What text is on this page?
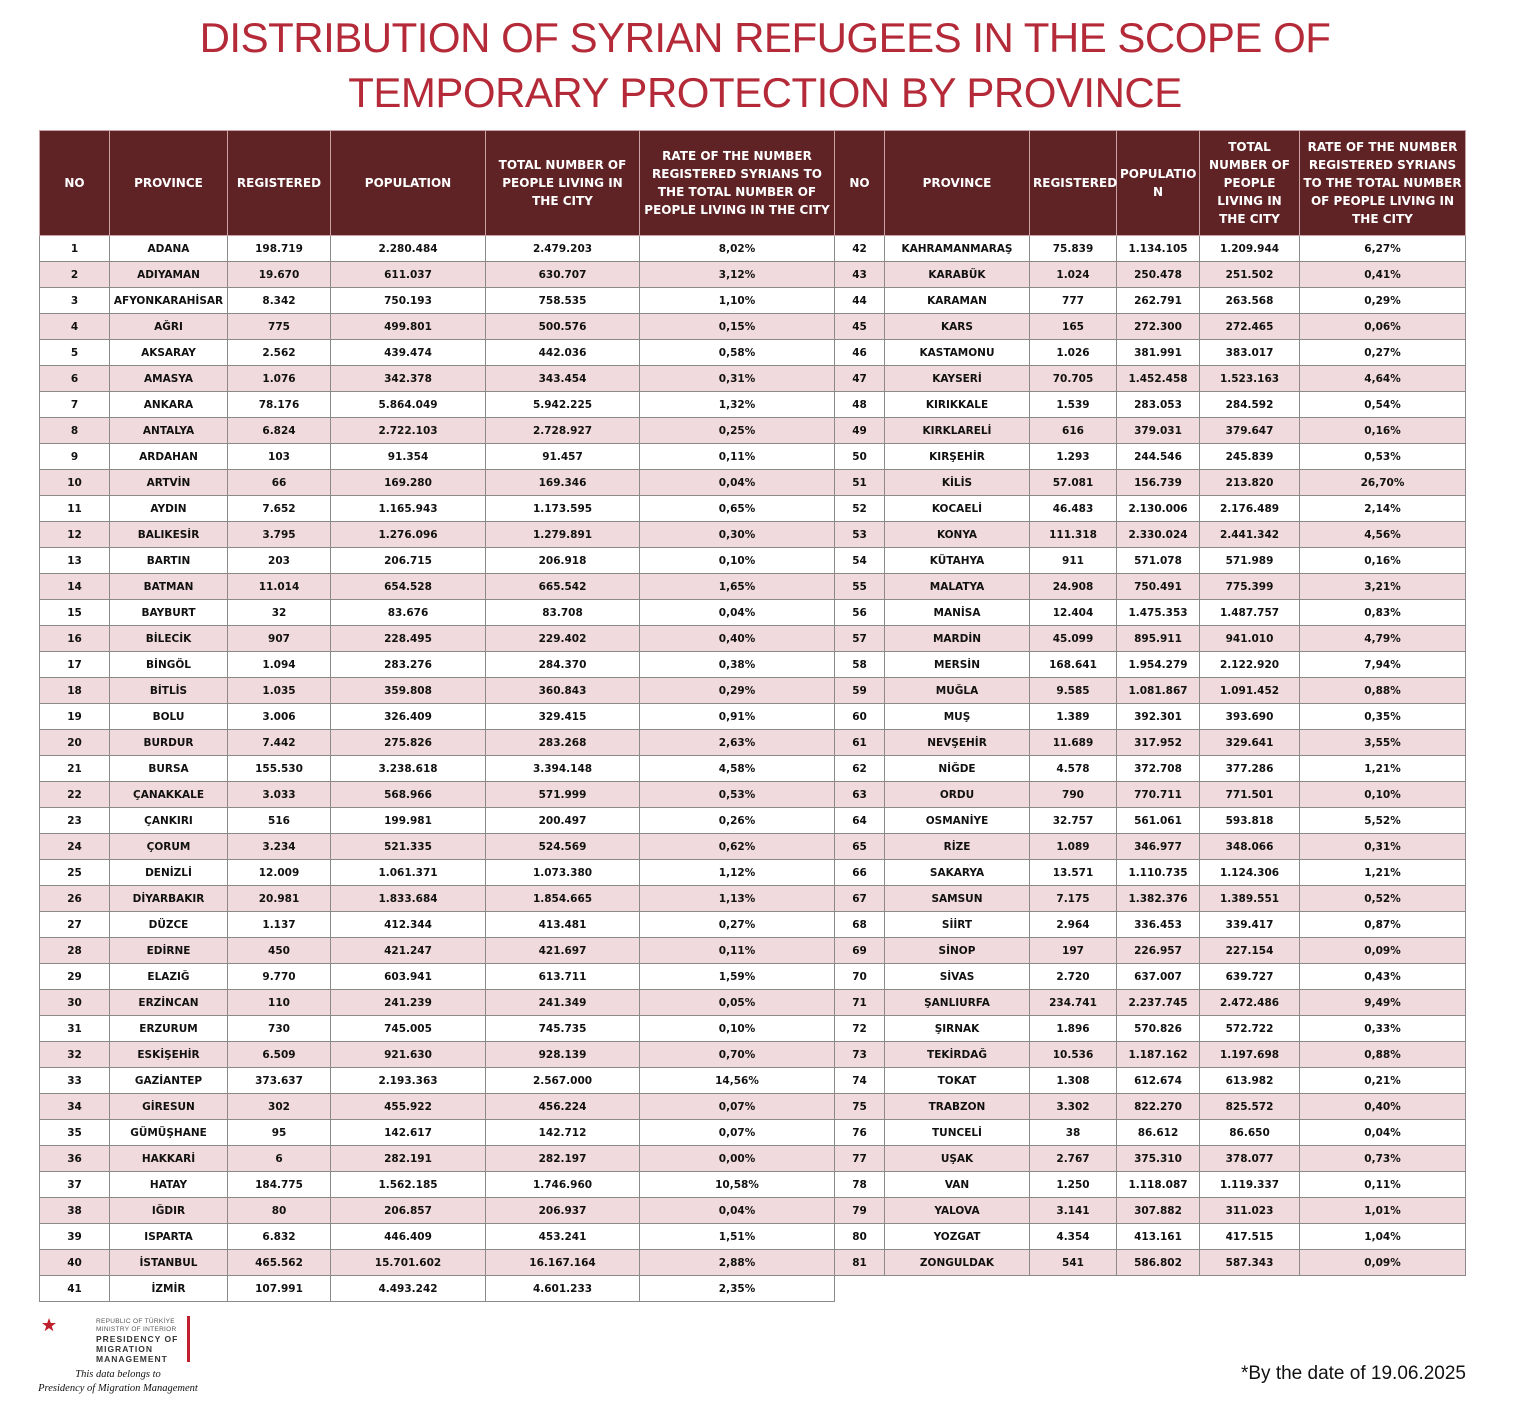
DISTRIBUTION OF SYRIAN REFUGEES IN THE SCOPE OF
TEMPORARY PROTECTION BY PROVINCE
NO	PROVINCE	REGISTERED	POPULATION	TOTAL NUMBER OF PEOPLE LIVING IN THE CITY	RATE OF THE NUMBER REGISTERED SYRIANS TO THE TOTAL NUMBER OF PEOPLE LIVING IN THE CITY
1	ADANA	198.719	2.280.484	2.479.203	8,02%
2	ADIYAMAN	19.670	611.037	630.707	3,12%
3	AFYONKARAHİSAR	8.342	750.193	758.535	1,10%
4	AĞRI	775	499.801	500.576	0,15%
5	AKSARAY	2.562	439.474	442.036	0,58%
6	AMASYA	1.076	342.378	343.454	0,31%
7	ANKARA	78.176	5.864.049	5.942.225	1,32%
8	ANTALYA	6.824	2.722.103	2.728.927	0,25%
9	ARDAHAN	103	91.354	91.457	0,11%
10	ARTVİN	66	169.280	169.346	0,04%
11	AYDIN	7.652	1.165.943	1.173.595	0,65%
12	BALIKESİR	3.795	1.276.096	1.279.891	0,30%
13	BARTIN	203	206.715	206.918	0,10%
14	BATMAN	11.014	654.528	665.542	1,65%
15	BAYBURT	32	83.676	83.708	0,04%
16	BİLECİK	907	228.495	229.402	0,40%
17	BİNGÖL	1.094	283.276	284.370	0,38%
18	BİTLİS	1.035	359.808	360.843	0,29%
19	BOLU	3.006	326.409	329.415	0,91%
20	BURDUR	7.442	275.826	283.268	2,63%
21	BURSA	155.530	3.238.618	3.394.148	4,58%
22	ÇANAKKALE	3.033	568.966	571.999	0,53%
23	ÇANKIRI	516	199.981	200.497	0,26%
24	ÇORUM	3.234	521.335	524.569	0,62%
25	DENİZLİ	12.009	1.061.371	1.073.380	1,12%
26	DİYARBAKIR	20.981	1.833.684	1.854.665	1,13%
27	DÜZCE	1.137	412.344	413.481	0,27%
28	EDİRNE	450	421.247	421.697	0,11%
29	ELAZIĞ	9.770	603.941	613.711	1,59%
30	ERZİNCAN	110	241.239	241.349	0,05%
31	ERZURUM	730	745.005	745.735	0,10%
32	ESKİŞEHİR	6.509	921.630	928.139	0,70%
33	GAZİANTEP	373.637	2.193.363	2.567.000	14,56%
34	GİRESUN	302	455.922	456.224	0,07%
35	GÜMÜŞHANE	95	142.617	142.712	0,07%
36	HAKKARİ	6	282.191	282.197	0,00%
37	HATAY	184.775	1.562.185	1.746.960	10,58%
38	IĞDIR	80	206.857	206.937	0,04%
39	ISPARTA	6.832	446.409	453.241	1,51%
40	İSTANBUL	465.562	15.701.602	16.167.164	2,88%
41	İZMİR	107.991	4.493.242	4.601.233	2,35%
NO	PROVINCE	REGISTERED	POPULATIO N	TOTAL NUMBER OF PEOPLE LIVING IN THE CITY	RATE OF THE NUMBER REGISTERED SYRIANS TO THE TOTAL NUMBER OF PEOPLE LIVING IN THE CITY
42	KAHRAMANMARAŞ	75.839	1.134.105	1.209.944	6,27%
43	KARABÜK	1.024	250.478	251.502	0,41%
44	KARAMAN	777	262.791	263.568	0,29%
45	KARS	165	272.300	272.465	0,06%
46	KASTAMONU	1.026	381.991	383.017	0,27%
47	KAYSERİ	70.705	1.452.458	1.523.163	4,64%
48	KIRIKKALE	1.539	283.053	284.592	0,54%
49	KIRKLARELİ	616	379.031	379.647	0,16%
50	KIRŞEHİR	1.293	244.546	245.839	0,53%
51	KİLİS	57.081	156.739	213.820	26,70%
52	KOCAELİ	46.483	2.130.006	2.176.489	2,14%
53	KONYA	111.318	2.330.024	2.441.342	4,56%
54	KÜTAHYA	911	571.078	571.989	0,16%
55	MALATYA	24.908	750.491	775.399	3,21%
56	MANİSA	12.404	1.475.353	1.487.757	0,83%
57	MARDİN	45.099	895.911	941.010	4,79%
58	MERSİN	168.641	1.954.279	2.122.920	7,94%
59	MUĞLA	9.585	1.081.867	1.091.452	0,88%
60	MUŞ	1.389	392.301	393.690	0,35%
61	NEVŞEHİR	11.689	317.952	329.641	3,55%
62	NİĞDE	4.578	372.708	377.286	1,21%
63	ORDU	790	770.711	771.501	0,10%
64	OSMANİYE	32.757	561.061	593.818	5,52%
65	RİZE	1.089	346.977	348.066	0,31%
66	SAKARYA	13.571	1.110.735	1.124.306	1,21%
67	SAMSUN	7.175	1.382.376	1.389.551	0,52%
68	SİİRT	2.964	336.453	339.417	0,87%
69	SİNOP	197	226.957	227.154	0,09%
70	SİVAS	2.720	637.007	639.727	0,43%
71	ŞANLIURFA	234.741	2.237.745	2.472.486	9,49%
72	ŞIRNAK	1.896	570.826	572.722	0,33%
73	TEKİRDAĞ	10.536	1.187.162	1.197.698	0,88%
74	TOKAT	1.308	612.674	613.982	0,21%
75	TRABZON	3.302	822.270	825.572	0,40%
76	TUNCELİ	38	86.612	86.650	0,04%
77	UŞAK	2.767	375.310	378.077	0,73%
78	VAN	1.250	1.118.087	1.119.337	0,11%
79	YALOVA	3.141	307.882	311.023	1,01%
80	YOZGAT	4.354	413.161	417.515	1,04%
81	ZONGULDAK	541	586.802	587.343	0,09%
REPUBLIC OF TÜRKİYE
MINISTRY OF INTERIOR
PRESIDENCY OF
MIGRATION MANAGEMENT
This data belongs to
Presidency of Migration Management
*By the date of 19.06.2025
